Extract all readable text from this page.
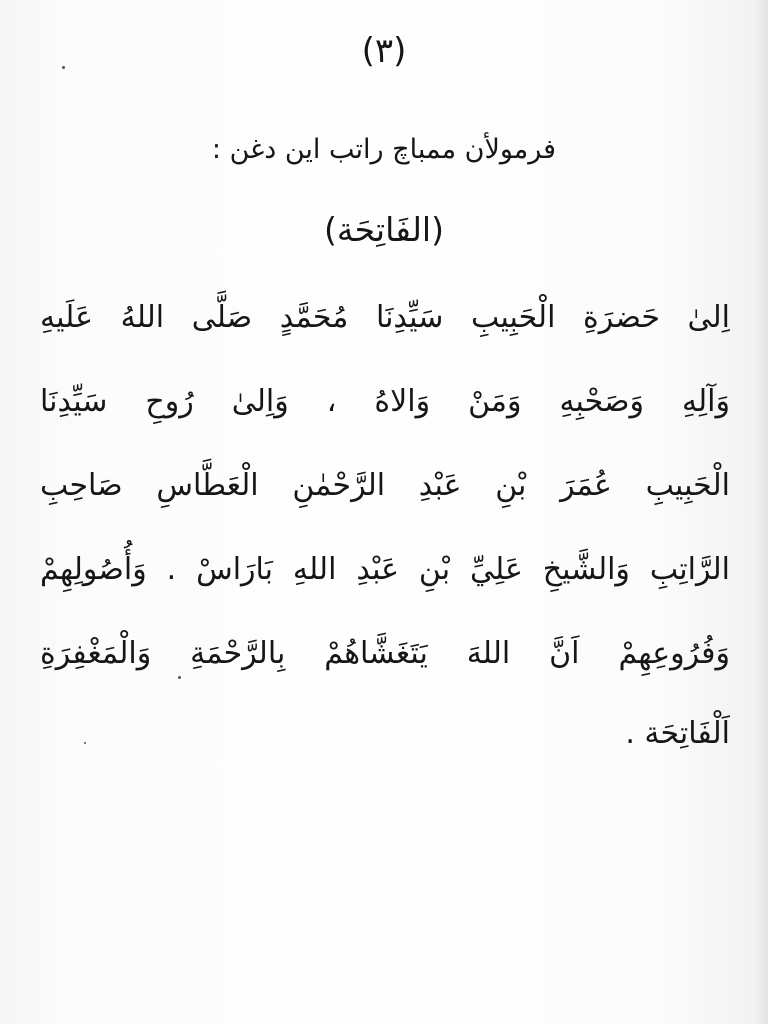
(٣)
فرمولأن ممباچ راتب این دغن :
(الفَاتِحَة)
اِلىٰ حَضرَةِ الْحَبِيبِ سَيِّدِنَا مُحَمَّدٍ صَلَّى اللهُ عَلَيهِ
وَآلِهِ وَصَحْبِهِ وَمَنْ وَالاهُ ، وَاِلىٰ رُوحِ سَيِّدِنَا
الْحَبِيبِ عُمَرَ بْنِ عَبْدِ الرَّحْمٰنِ الْعَطَّاسِ صَاحِبِ
الرَّاتِبِ وَالشَّيخِ عَلِيِّ بْنِ عَبْدِ اللهِ بَارَاسْ . وَأُصُولِهِمْ
وَفُرُوعِهِمْ اَنَّ اللهَ يَتَغَشَّاهُمْ بِالرَّحْمَةِ وَالْمَغْفِرَةِ
اَلْفَاتِحَة .
